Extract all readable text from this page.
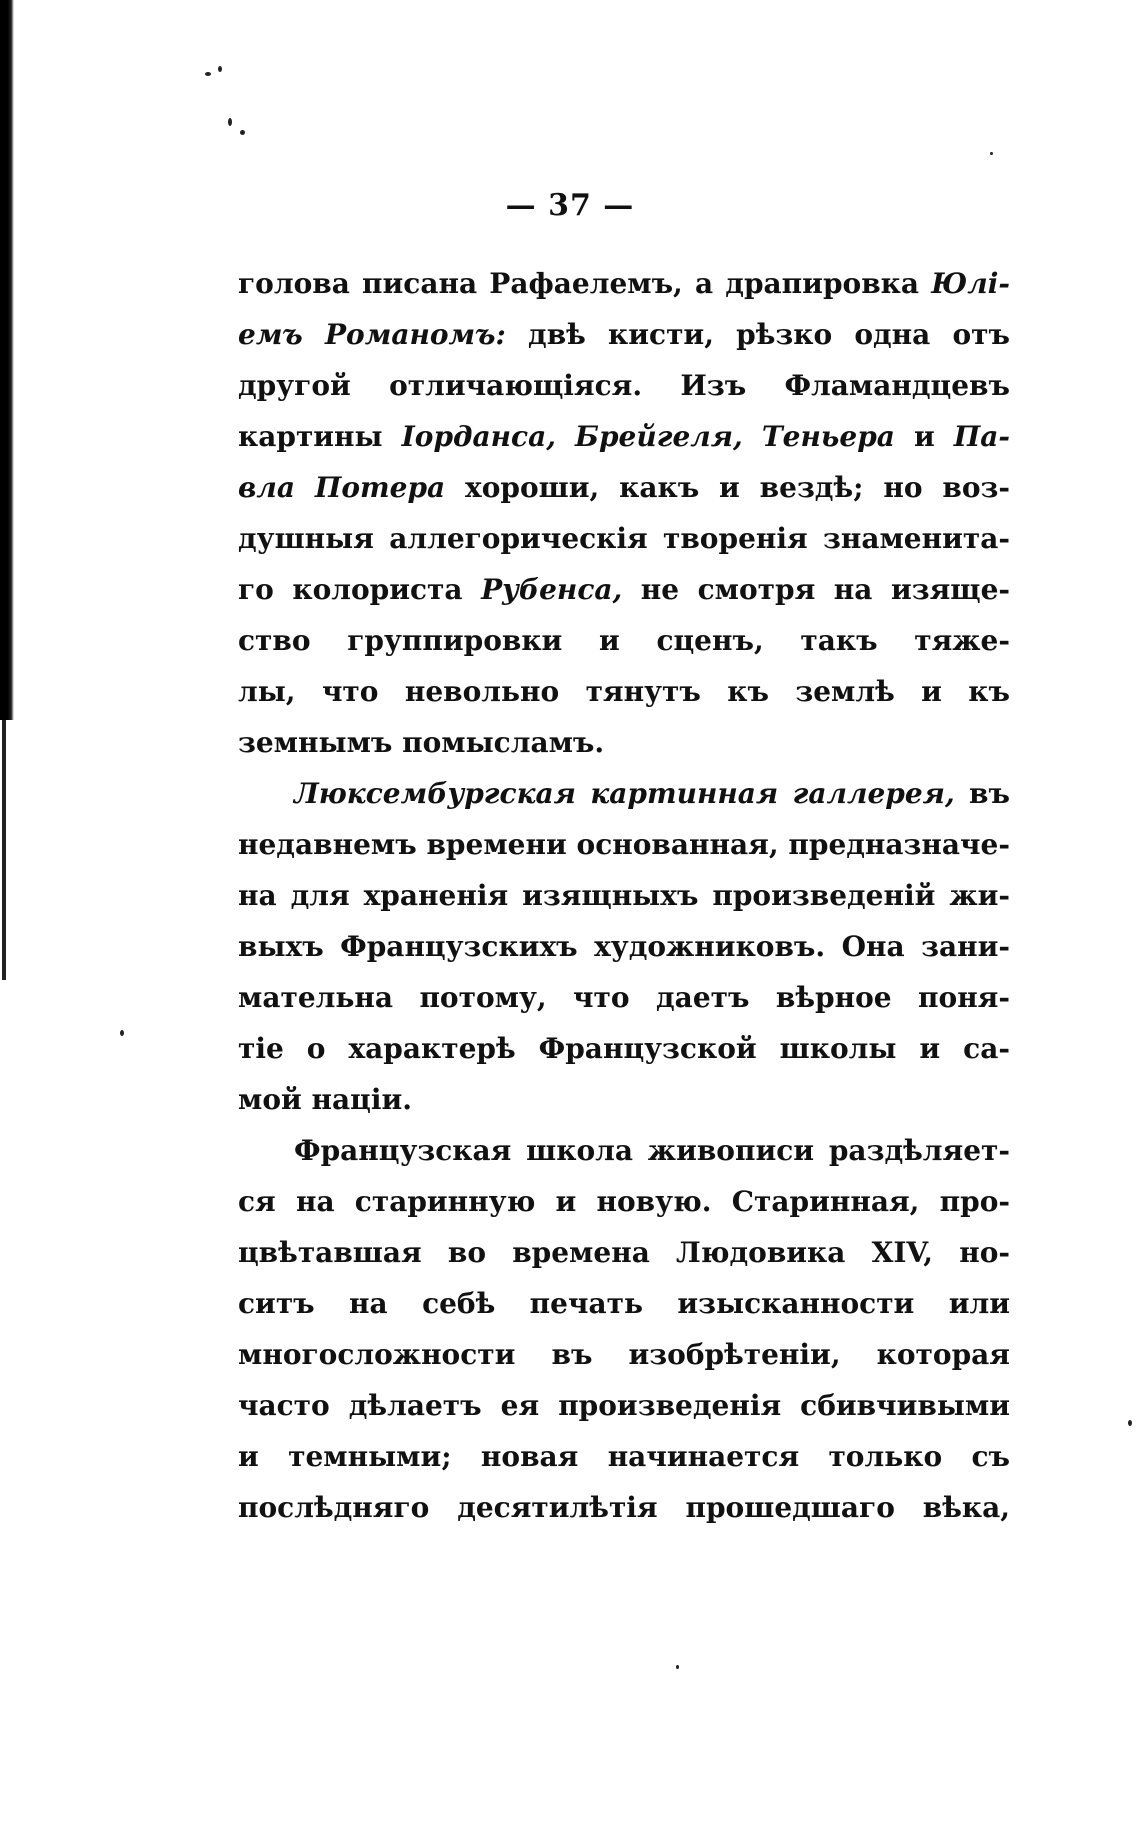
— 37 —
голова писана Рафаелемъ, а драпировка Юлі-
емъ Романомъ: двѣ кисти, рѣзко одна отъ
другой отличающіяся. Изъ Фламандцевъ
картины Iорданса, Брейгеля, Теньера и Па-
вла Потера хороши, какъ и вездѣ; но воз-
душныя аллегорическія творенія знаменита-
го колориста Рубенса, не смотря на изяще-
ство группировки и сценъ, такъ тяже-
лы, что невольно тянутъ къ землѣ и къ
земнымъ помысламъ.
Люксембургская картинная галлерея, въ
недавнемъ времени основанная, предназначе-
на для храненія изящныхъ произведеній жи-
выхъ Французскихъ художниковъ. Она зани-
мательна потому, что даетъ вѣрное поня-
тіе о характерѣ Французской школы и са-
мой націи.
Французская школа живописи раздѣляет-
ся на старинную и новую. Старинная, про-
цвѣтавшая во времена Людовика XIV, но-
ситъ на себѣ печать изысканности или
многосложности въ изобрѣтеніи, которая
часто дѣлаетъ ея произведенія сбивчивыми
и темными; новая начинается только съ
послѣдняго десятилѣтія прошедшаго вѣка,
